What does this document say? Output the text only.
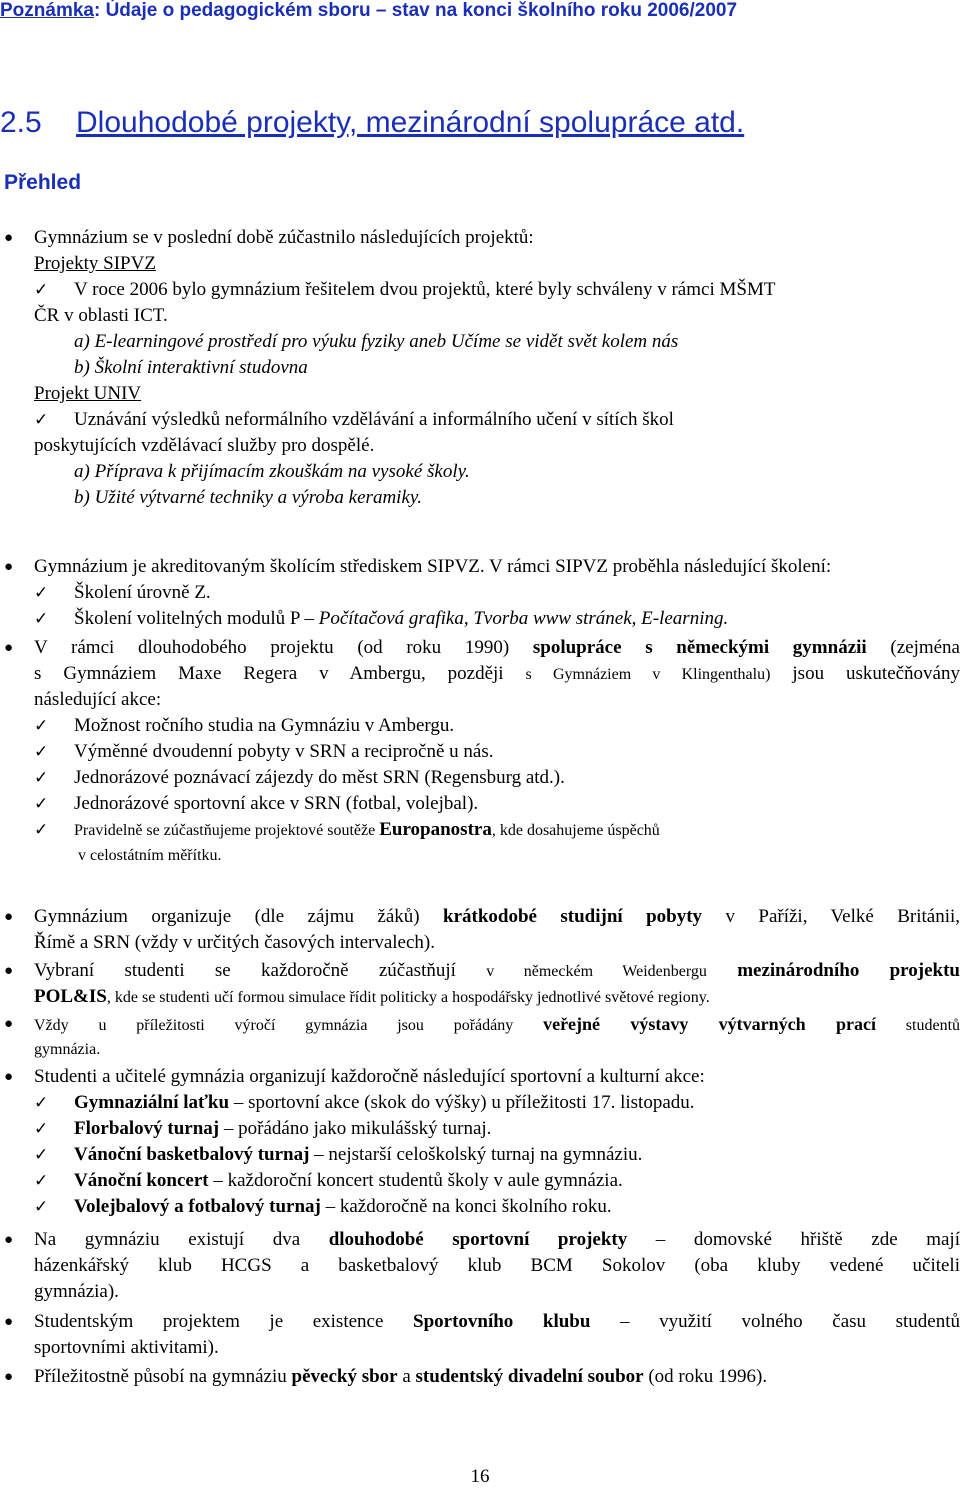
Poznámka: Údaje o pedagogickém sboru – stav na konci školního roku 2006/2007
2.5 Dlouhodobé projekty, mezinárodní spolupráce atd.
Přehled
● Gymnázium se v poslední době zúčastnilo následujících projektů:
Projekty SIPVZ
✓ V roce 2006 bylo gymnázium řešitelem dvou projektů, které byly schváleny v rámci MŠMT
ČR v oblasti ICT.
a) E-learningové prostředí pro výuku fyziky aneb Učíme se vidět svět kolem nás
b) Školní interaktivní studovna
Projekt UNIV
✓ Uznávání výsledků neformálního vzdělávání a informálního učení v sítích škol
poskytujících vzdělávací služby pro dospělé.
a) Příprava k přijímacím zkouškám na vysoké školy.
b) Užité výtvarné techniky a výroba keramiky.
● Gymnázium je akreditovaným školícím střediskem SIPVZ. V rámci SIPVZ proběhla následující školení:
✓ Školení úrovně Z.
✓ Školení volitelných modulů P – Počítačová grafika, Tvorba www stránek, E-learning.
● V rámci dlouhodobého projektu (od roku 1990) spolupráce s německými gymnázii (zejména
s Gymnáziem Maxe Regera v Ambergu, později s Gymnáziem v Klingenthalu) jsou uskutečňovány
následující akce:
✓ Možnost ročního studia na Gymnáziu v Ambergu.
✓ Výměnné dvoudenní pobyty v SRN a recipročně u nás.
✓ Jednorázové poznávací zájezdy do měst SRN (Regensburg atd.).
✓ Jednorázové sportovní akce v SRN (fotbal, volejbal).
✓ Pravidelně se zúčastňujeme projektové soutěže Europanostra, kde dosahujeme úspěchů
v celostátním měřítku.
● Gymnázium organizuje (dle zájmu žáků) krátkodobé studijní pobyty v Paříži, Velké Británii,
Římě a SRN (vždy v určitých časových intervalech).
● Vybraní studenti se každoročně zúčastňují v německém Weidenbergu mezinárodního projektu
POL&IS, kde se studenti učí formou simulace řídit politicky a hospodářsky jednotlivé světové regiony.
● Vždy u příležitosti výročí gymnázia jsou pořádány veřejné výstavy výtvarných prací studentů
gymnázia.
● Studenti a učitelé gymnázia organizují každoročně následující sportovní a kulturní akce:
✓ Gymnaziální laťku – sportovní akce (skok do výšky) u příležitosti 17. listopadu.
✓ Florbalový turnaj – pořádáno jako mikulášský turnaj.
✓ Vánoční basketbalový turnaj – nejstarší celoškolský turnaj na gymnáziu.
✓ Vánoční koncert – každoroční koncert studentů školy v aule gymnázia.
✓ Volejbalový a fotbalový turnaj – každoročně na konci školního roku.
● Na gymnáziu existují dva dlouhodobé sportovní projekty – domovské hřiště zde mají
házenkářský klub HCGS a basketbalový klub BCM Sokolov (oba kluby vedené učiteli
gymnázia).
● Studentským projektem je existence Sportovního klubu – využití volného času studentů
sportovními aktivitami).
● Příležitostně působí na gymnáziu pěvecký sbor a studentský divadelní soubor (od roku 1996).
16
